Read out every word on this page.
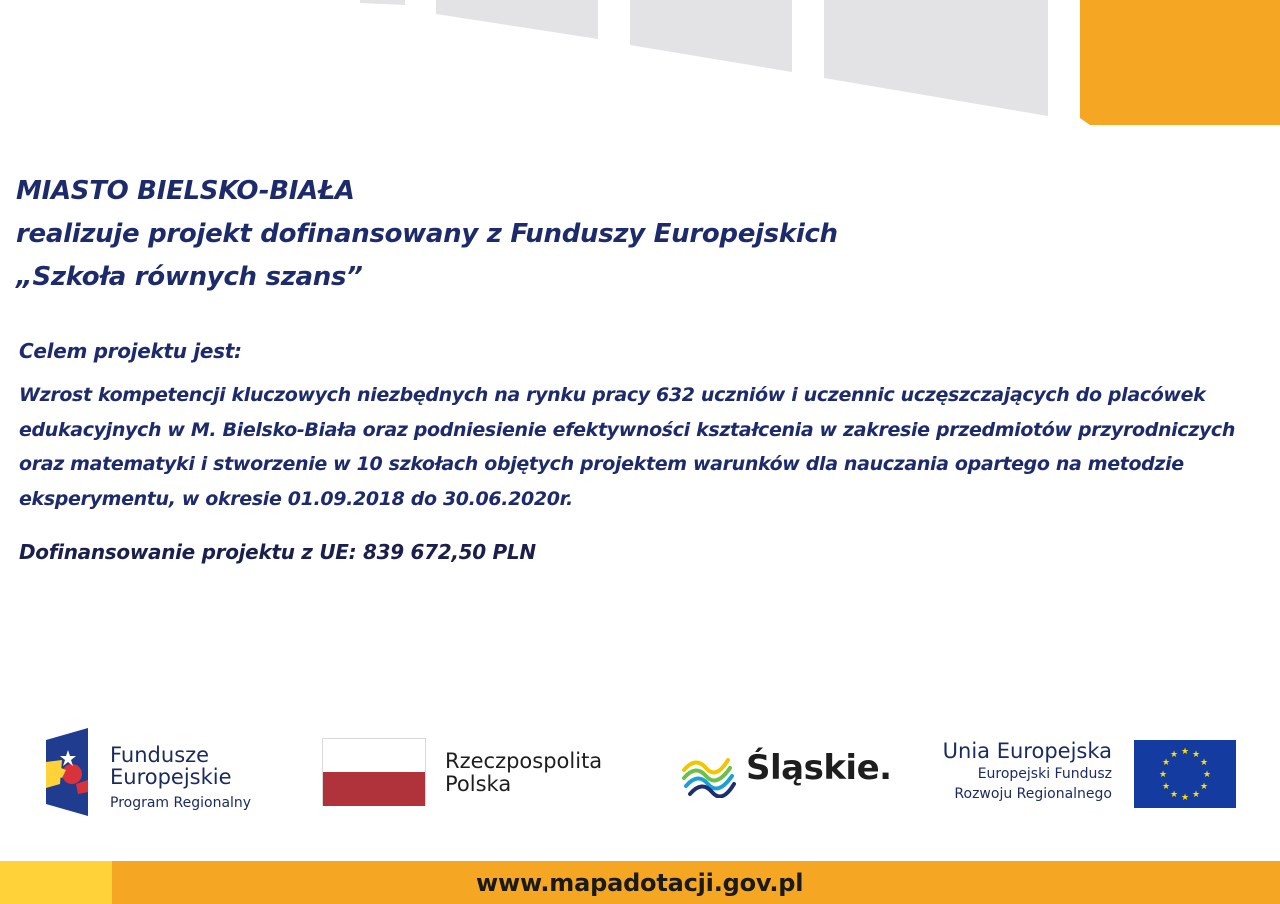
MIASTO BIELSKO-BIAŁA

realizuje projekt dofinansowany z Funduszy Europejskich

„Szkoła równych szans”

Celem projektu jest:
Wzrost kompetencji kluczowych niezbędnych na rynku pracy 632 uczniów i uczennic uczęszczających do placówek edukacyjnych w M. Bielsko-Biała oraz podniesienie efektywności kształcenia w zakresie przedmiotów przyrodniczych oraz matematyki i stworzenie w 10 szkołach objętych projektem warunków dla nauczania opartego na metodzie eksperymentu, w okresie 01.09.2018 do 30.06.2020r.
Dofinansowanie projektu z UE: 839 672,50 PLN
Fundusze
Europejskie
Program Regionalny
Rzeczpospolita
Polska	Śląskie. Unia Europejska
Europejski Fundusz
Rozwoju Regionalnego
★ ★
★
★
★
★
★
★
★
★
★
★
www.mapadotacji.gov.pl
